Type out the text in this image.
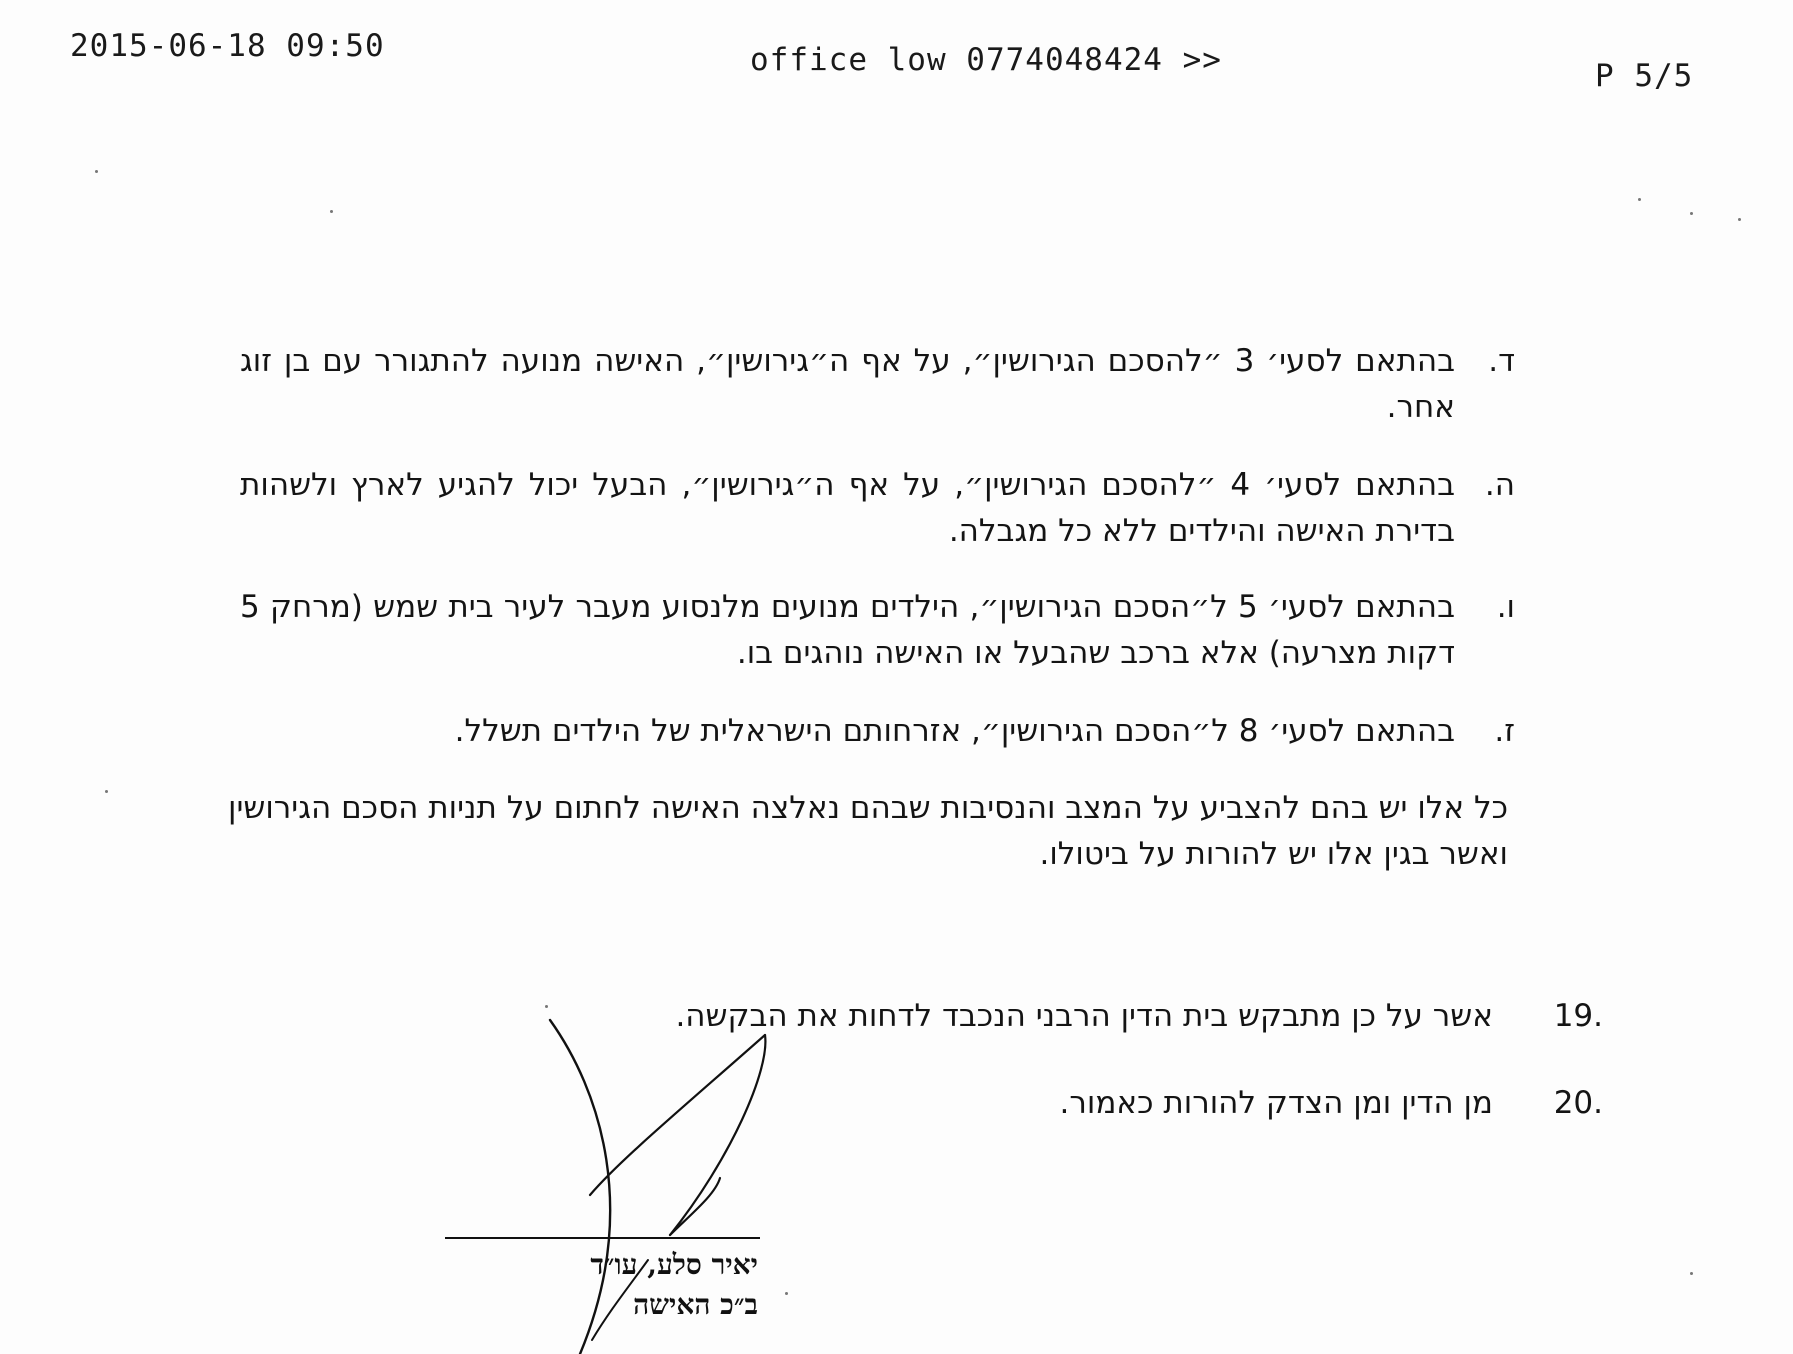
2015-06-18 09:50	office low 0774048424 >>	P 5/5
ד.
בהתאם לסעי׳ 3 ״להסכם הגירושין״, על אף ה״גירושין״, האישה מנועה להתגורר עם בן זוג אחר.
ה.
בהתאם לסעי׳ 4 ״להסכם הגירושין״, על אף ה״גירושין״, הבעל יכול להגיע לארץ ולשהות בדירת האישה והילדים ללא כל מגבלה.
ו.
בהתאם לסעי׳ 5 ל״הסכם הגירושין״, הילדים מנועים מלנסוע מעבר לעיר בית שמש (מרחק 5 דקות מצרעה) אלא ברכב שהבעל או האישה נוהגים בו.
ז.
בהתאם לסעי׳ 8 ל״הסכם הגירושין״, אזרחותם הישראלית של הילדים תשלל.
כל אלו יש בהם להצביע על המצב והנסיבות שבהם נאלצה האישה לחתום על תניות הסכם הגירושין ואשר בגין אלו יש להורות על ביטולו.
.19
אשר על כן מתבקש בית הדין הרבני הנכבד לדחות את הבקשה.
.20
מן הדין ומן הצדק להורות כאמור.
יאיר סלע, עו״ד
ב״כ האישה
